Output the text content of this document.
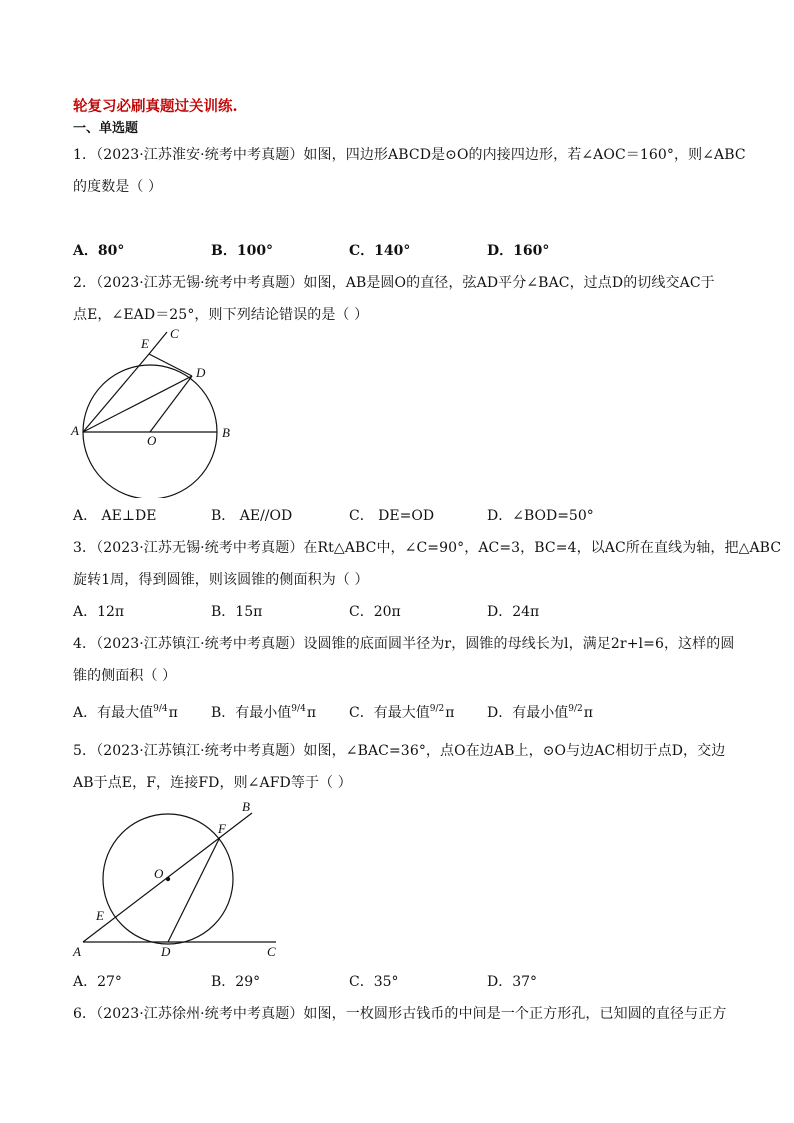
轮复习必刷真题过关训练.
一、单选题
1．（2023·江苏淮安·统考中考真题）如图，四边形ABCD是⊙O的内接四边形，若∠AOC＝160°，则∠ABC
的度数是（ ）
A．80°	B．100°	C．140°	D．160°
2．（2023·江苏无锡·统考中考真题）如图，AB是圆O的直径，弦AD平分∠BAC，过点D的切线交AC于
点E，∠EAD＝25°，则下列结论错误的是（ ）
A	B
C
D
E
O
A． AE⊥DE	B． AE//OD	C． DE=OD	D．∠BOD=50°
3．（2023·江苏无锡·统考中考真题）在Rt△ABC中，∠C=90°，AC=3，BC=4，以AC所在直线为轴，把△ABC
旋转1周，得到圆锥，则该圆锥的侧面积为（ ）
A．12π	B．15π	C．20π	D．24π
4．（2023·江苏镇江·统考中考真题）设圆锥的底面圆半径为r，圆锥的母线长为l，满足2r+l=6，这样的圆
锥的侧面积（ ）
A．有最大值9/4π B．有最小值9/4π C．有最大值9/2π D．有最小值9/2π
5．（2023·江苏镇江·统考中考真题）如图，∠BAC=36°，点O在边AB上，⊙O与边AC相切于点D，交边
AB于点E，F，连接FD，则∠AFD等于（ ）
A
B
C
D
E
F
O
A．27°	B．29°	C．35°	D．37°
6．（2023·江苏徐州·统考中考真题）如图，一枚圆形古钱币的中间是一个正方形孔，已知圆的直径与正方
